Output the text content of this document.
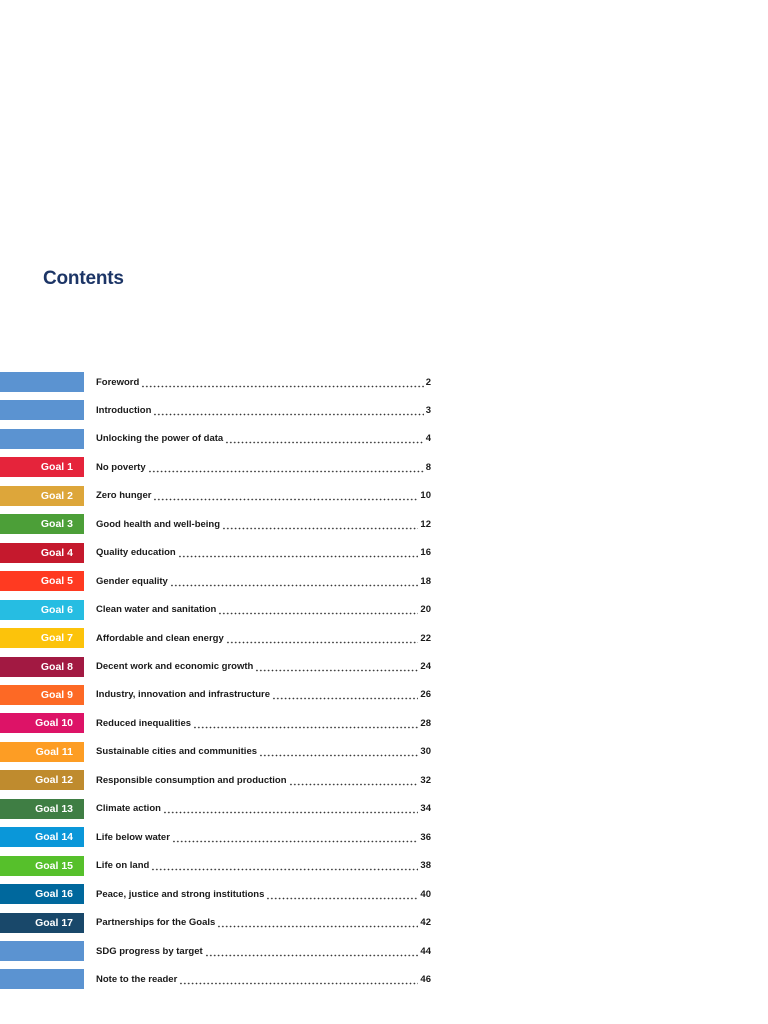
Contents
Foreword	2
Introduction	3
Unlocking the power of data	4
Goal 1	No poverty	8
Goal 2	Zero hunger	10
Goal 3	Good health and well-being	12
Goal 4	Quality education	16
Goal 5	Gender equality	18
Goal 6	Clean water and sanitation	20
Goal 7	Affordable and clean energy	22
Goal 8	Decent work and economic growth	24
Goal 9	Industry, innovation and infrastructure	26
Goal 10	Reduced inequalities	28
Goal 11	Sustainable cities and communities	30
Goal 12	Responsible consumption and production	32
Goal 13	Climate action	34
Goal 14	Life below water	36
Goal 15	Life on land	38
Goal 16	Peace, justice and strong institutions	40
Goal 17	Partnerships for the Goals	42
SDG progress by target	44
Note to the reader	46
